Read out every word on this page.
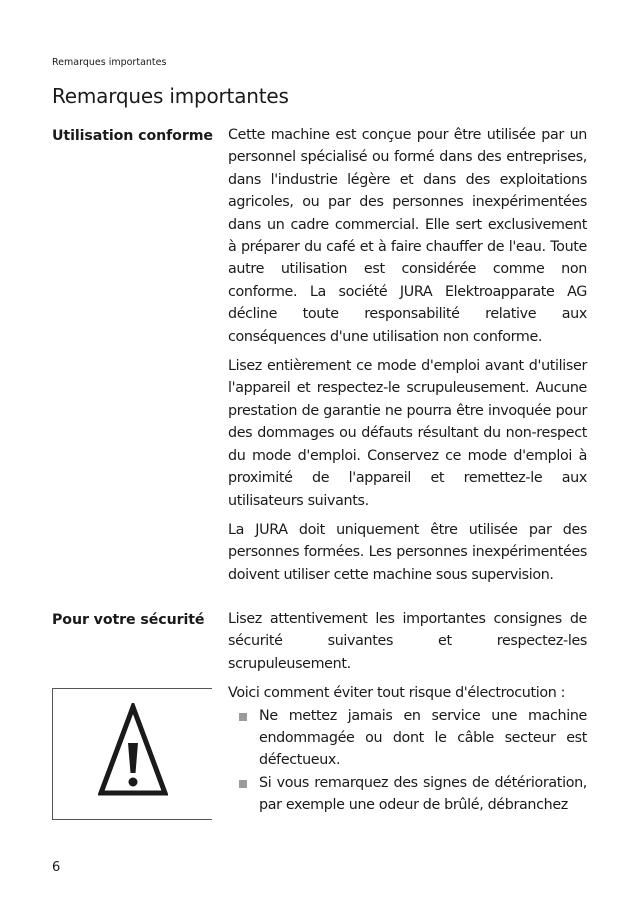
Remarques importantes
Remarques importantes
Utilisation conforme Cette machine est conçue pour être utilisée par un personnel spécialisé ou formé dans des entreprises, dans l'industrie légère et dans des exploitations agricoles, ou par des personnes inexpérimentées dans un cadre commercial. Elle sert exclusivement à préparer du café et à faire chauffer de l'eau. Toute autre utilisation est considérée comme non conforme. La société JURA Elektroapparate AG décline toute responsabilité relative aux conséquences d'une utilisation non conforme.

Lisez entièrement ce mode d'emploi avant d'utiliser l'appareil et respectez-le scrupuleusement. Aucune prestation de garantie ne pourra être invoquée pour des dommages ou défauts résultant du non-respect du mode d'emploi. Conservez ce mode d'emploi à proximité de l'appareil et remettez-le aux utilisateurs suivants.

La JURA doit uniquement être utilisée par des personnes formées. Les personnes inexpérimentées doivent utiliser cette machine sous supervision.

Pour votre sécurité Lisez attentivement les importantes consignes de sécurité suivantes et respectez-les scrupuleusement.

Voici comment éviter tout risque d'électrocution :

Ne mettez jamais en service une machine endommagée ou dont le câble secteur est défectueux.
Si vous remarquez des signes de détérioration, par exemple une odeur de brûlé, débranchez
6
